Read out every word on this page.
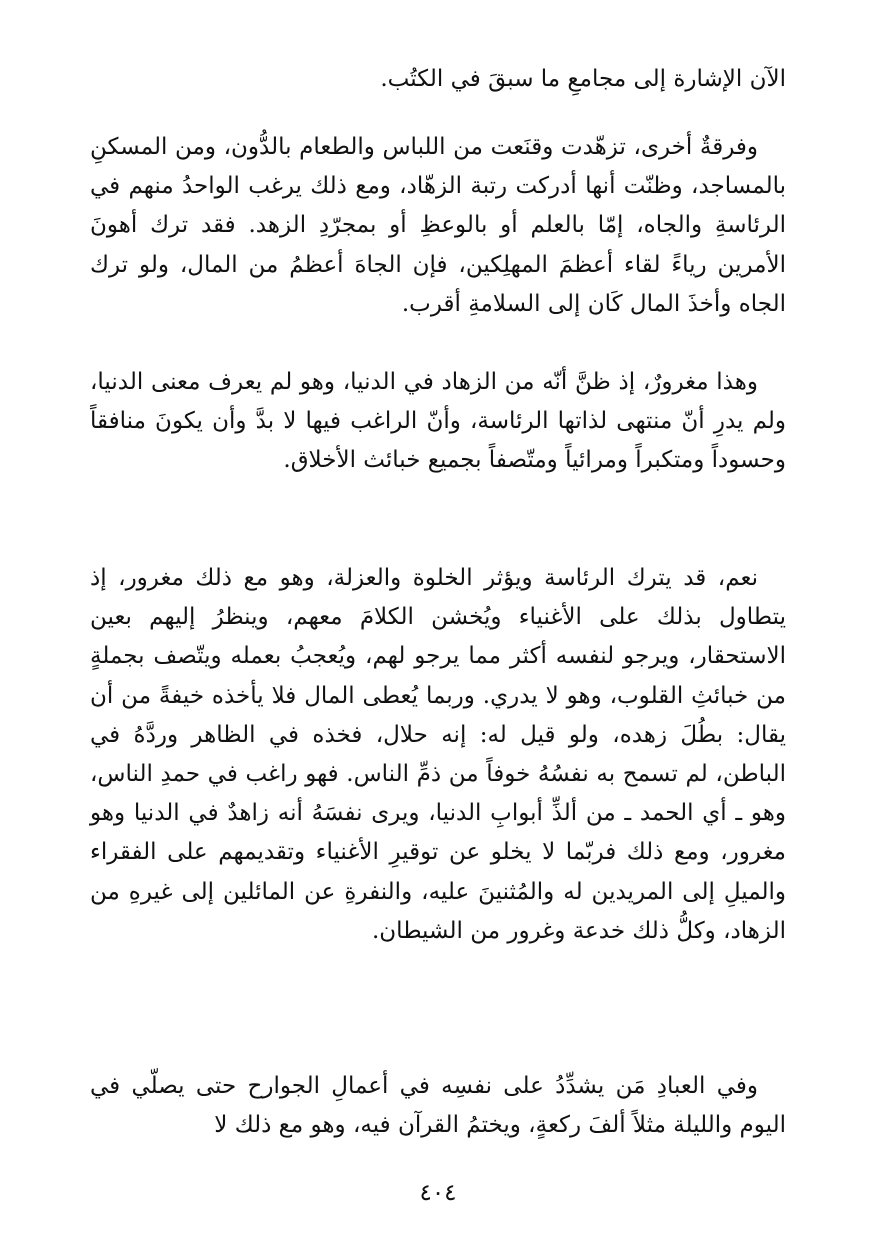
الآن الإشارة إلى مجامعِ ما سبقَ في الكتُب.

وفرقةٌ أخرى، تزهّدت وقنَعت من اللباس والطعام بالدُّون، ومن المسكنِ بالمساجد، وظنّت أنها أدركت رتبة الزهّاد، ومع ذلك يرغب الواحدُ منهم في الرئاسةِ والجاه، إمّا بالعلم أو بالوعظِ أو بمجرّدِ الزهد. فقد ترك أهونَ الأمرين رياءً لقاء أعظمَ المهلِكين، فإن الجاهَ أعظمُ من المال، ولو ترك الجاه وأخذَ المال كَان إلى السلامةِ أقرب.

وهذا مغرورٌ، إذ ظنَّ أنّه من الزهاد في الدنيا، وهو لم يعرف معنى الدنيا، ولم يدرِ أنّ منتهى لذاتها الرئاسة، وأنّ الراغب فيها لا بدَّ وأن يكونَ منافقاً وحسوداً ومتكبراً ومرائياً ومتّصفاً بجميع خبائث الأخلاق.

نعم، قد يترك الرئاسة ويؤثر الخلوة والعزلة، وهو مع ذلك مغرور، إذ يتطاول بذلك على الأغنياء ويُخشن الكلامَ معهم، وينظرُ إليهم بعين الاستحقار، ويرجو لنفسه أكثر مما يرجو لهم، ويُعجبُ بعمله ويتّصف بجملةٍ من خبائثِ القلوب، وهو لا يدري. وربما يُعطى المال فلا يأخذه خيفةً من أن يقال: بطُلَ زهده، ولو قيل له: إنه حلال، فخذه في الظاهر وردَّهُ في الباطن، لم تسمح به نفسُهُ خوفاً من ذمِّ الناس. فهو راغب في حمدِ الناس، وهو ـ أي الحمد ـ من ألذِّ أبوابِ الدنيا، ويرى نفسَهُ أنه زاهدٌ في الدنيا وهو مغرور، ومع ذلك فربّما لا يخلو عن توقيرِ الأغنياء وتقديمهم على الفقراء والميلِ إلى المريدين له والمُثنينَ عليه، والنفرةِ عن المائلين إلى غيرهِ من الزهاد، وكلُّ ذلك خدعة وغرور من الشيطان.

وفي العبادِ مَن يشدِّدُ على نفسِه في أعمالِ الجوارح حتى يصلّي في اليوم والليلة مثلاً ألفَ ركعةٍ، ويختمُ القرآن فيه، وهو مع ذلك لا

٤٠٤
